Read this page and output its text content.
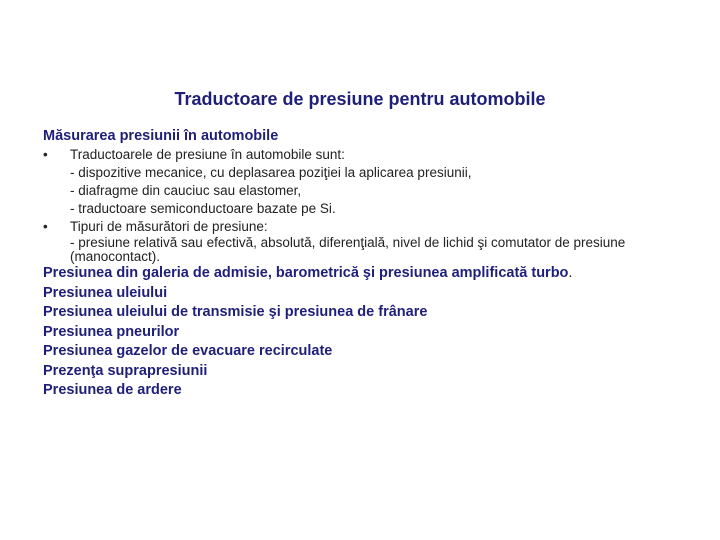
Traductoare de presiune pentru automobile
Măsurarea presiunii în automobile
•	Traductoarele de presiune în automobile sunt:
- dispozitive mecanice, cu deplasarea poziţiei la aplicarea presiunii,
- diafragme din cauciuc sau elastomer,
- traductoare semiconductoare bazate pe Si.
•	Tipuri de măsurători de presiune:
- presiune relativă sau efectivă, absolută, diferenţială, nivel de lichid şi comutator de presiune (manocontact).
Presiunea din galeria de admisie, barometrică şi presiunea amplificată turbo.
Presiunea uleiului
Presiunea uleiului de transmisie şi presiunea de frânare
Presiunea pneurilor
Presiunea gazelor de evacuare recirculate
Prezenţa suprapresiunii
Presiunea de ardere
